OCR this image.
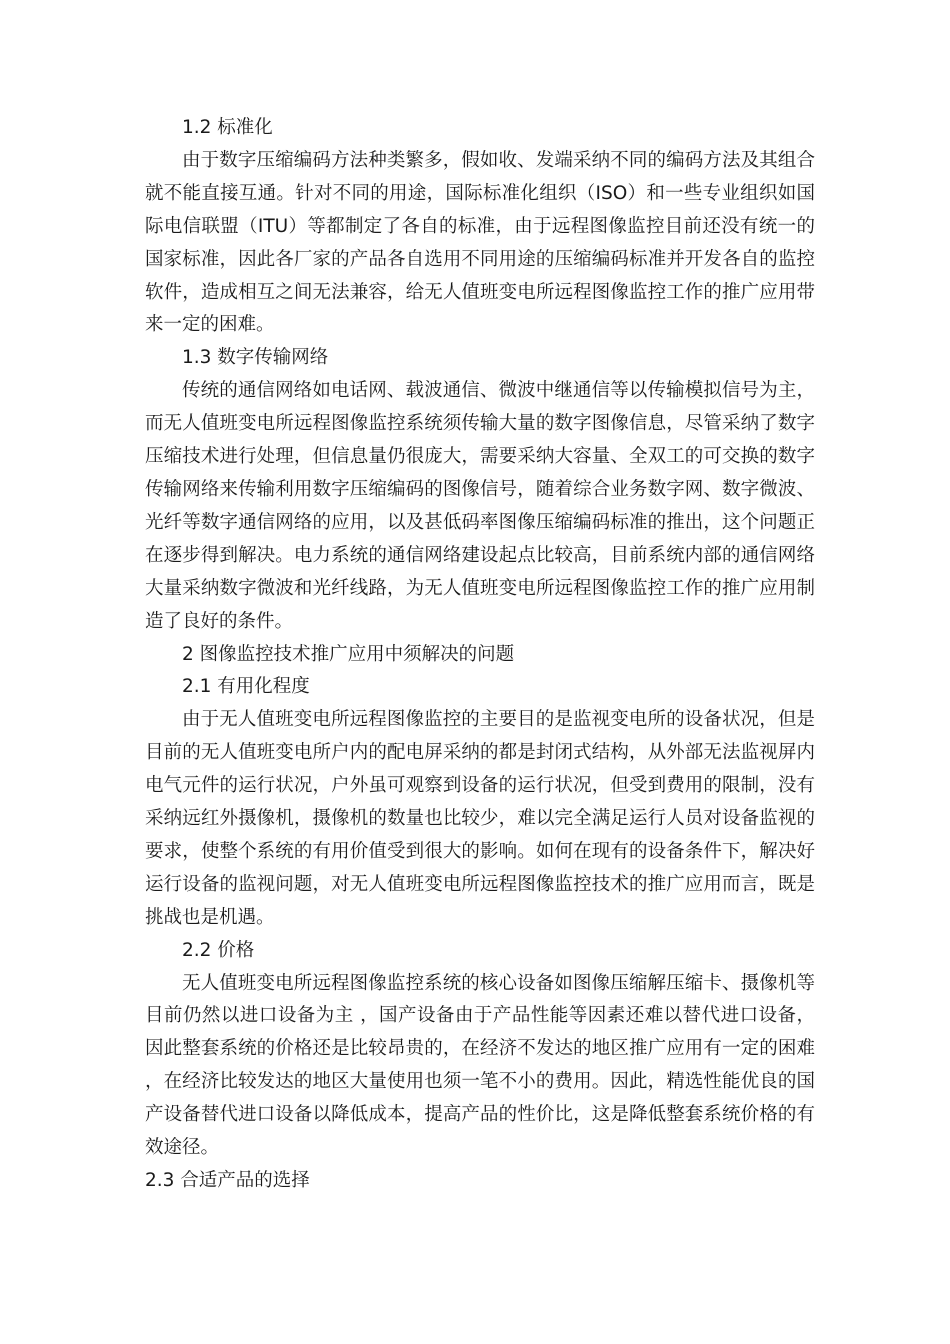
1.2 标准化

由于数字压缩编码方法种类繁多，假如收、发端采纳不同的编码方法及其组合就不能直接互通。针对不同的用途，国际标准化组织（ISO）和一些专业组织如国际电信联盟（ITU）等都制定了各自的标准，由于远程图像监控目前还没有统一的国家标准，因此各厂家的产品各自选用不同用途的压缩编码标准并开发各自的监控软件，造成相互之间无法兼容，给无人值班变电所远程图像监控工作的推广应用带来一定的困难。

1.3 数字传输网络

传统的通信网络如电话网、载波通信、微波中继通信等以传输模拟信号为主，而无人值班变电所远程图像监控系统须传输大量的数字图像信息，尽管采纳了数字压缩技术进行处理，但信息量仍很庞大，需要采纳大容量、全双工的可交换的数字传输网络来传输利用数字压缩编码的图像信号，随着综合业务数字网、数字微波、光纤等数字通信网络的应用，以及甚低码率图像压缩编码标准的推出，这个问题正在逐步得到解决。电力系统的通信网络建设起点比较高，目前系统内部的通信网络大量采纳数字微波和光纤线路，为无人值班变电所远程图像监控工作的推广应用制造了良好的条件。

2 图像监控技术推广应用中须解决的问题

2.1 有用化程度

由于无人值班变电所远程图像监控的主要目的是监视变电所的设备状况，但是目前的无人值班变电所户内的配电屏采纳的都是封闭式结构，从外部无法监视屏内电气元件的运行状况，户外虽可观察到设备的运行状况，但受到费用的限制，没有采纳远红外摄像机，摄像机的数量也比较少，难以完全满足运行人员对设备监视的要求，使整个系统的有用价值受到很大的影响。如何在现有的设备条件下，解决好运行设备的监视问题，对无人值班变电所远程图像监控技术的推广应用而言，既是挑战也是机遇。

2.2 价格

无人值班变电所远程图像监控系统的核心设备如图像压缩解压缩卡、摄像机等目前仍然以进口设备为主 ，国产设备由于产品性能等因素还难以替代进口设备，因此整套系统的价格还是比较昂贵的，在经济不发达的地区推广应用有一定的困难，在经济比较发达的地区大量使用也须一笔不小的费用。因此，精选性能优良的国产设备替代进口设备以降低成本，提高产品的性价比，这是降低整套系统价格的有效途径。

2.3 合适产品的选择
